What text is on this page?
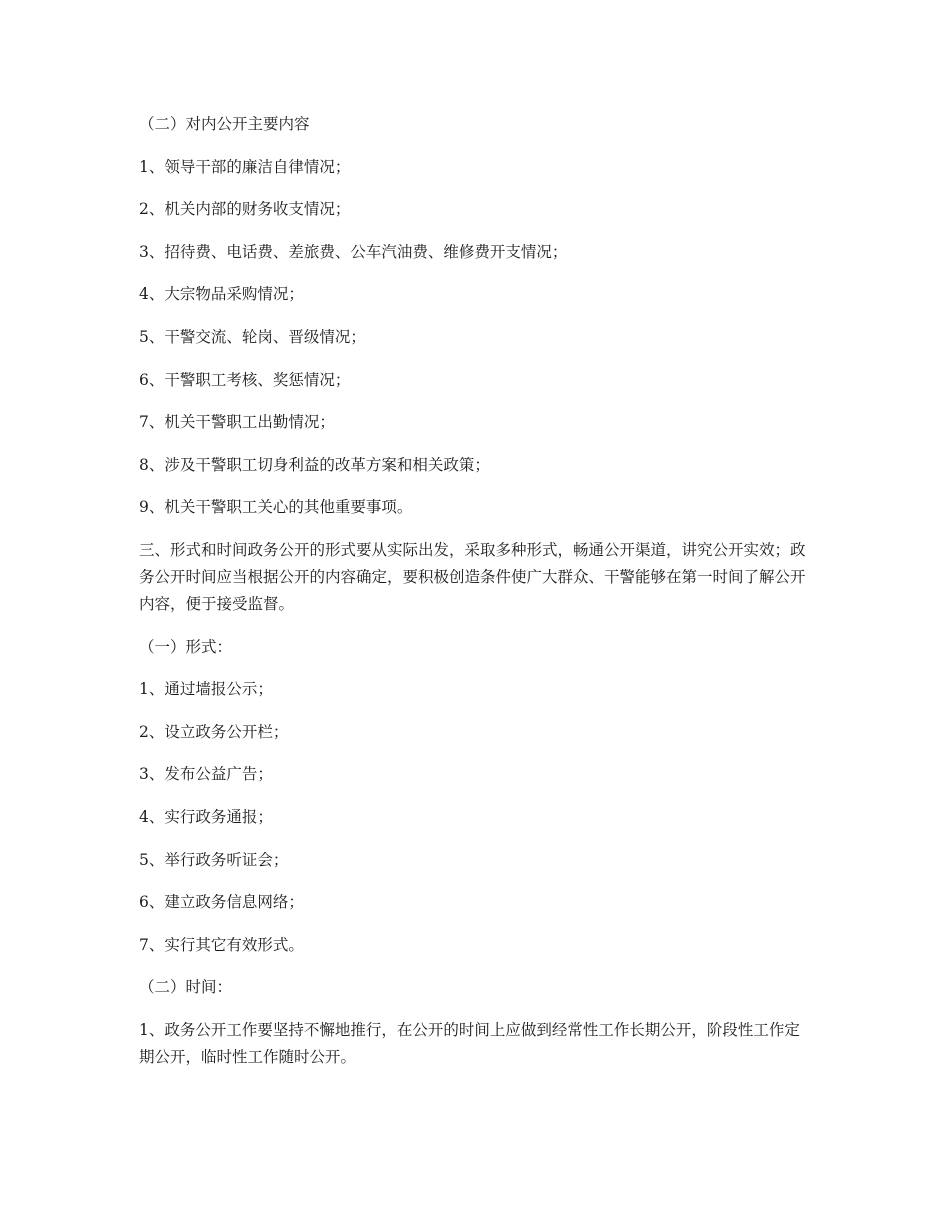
（二）对内公开主要内容

1、领导干部的廉洁自律情况；

2、机关内部的财务收支情况；

3、招待费、电话费、差旅费、公车汽油费、维修费开支情况；

4、大宗物品采购情况；

5、干警交流、轮岗、晋级情况；

6、干警职工考核、奖惩情况；

7、机关干警职工出勤情况；

8、涉及干警职工切身利益的改革方案和相关政策；

9、机关干警职工关心的其他重要事项。

三、形式和时间政务公开的形式要从实际出发，采取多种形式，畅通公开渠道，讲究公开实效；政务公开时间应当根据公开的内容确定，要积极创造条件使广大群众、干警能够在第一时间了解公开内容，便于接受监督。

（一）形式：

1、通过墙报公示；

2、设立政务公开栏；

3、发布公益广告；

4、实行政务通报；

5、举行政务听证会；

6、建立政务信息网络；

7、实行其它有效形式。

（二）时间：

1、政务公开工作要坚持不懈地推行，在公开的时间上应做到经常性工作长期公开，阶段性工作定期公开，临时性工作随时公开。
